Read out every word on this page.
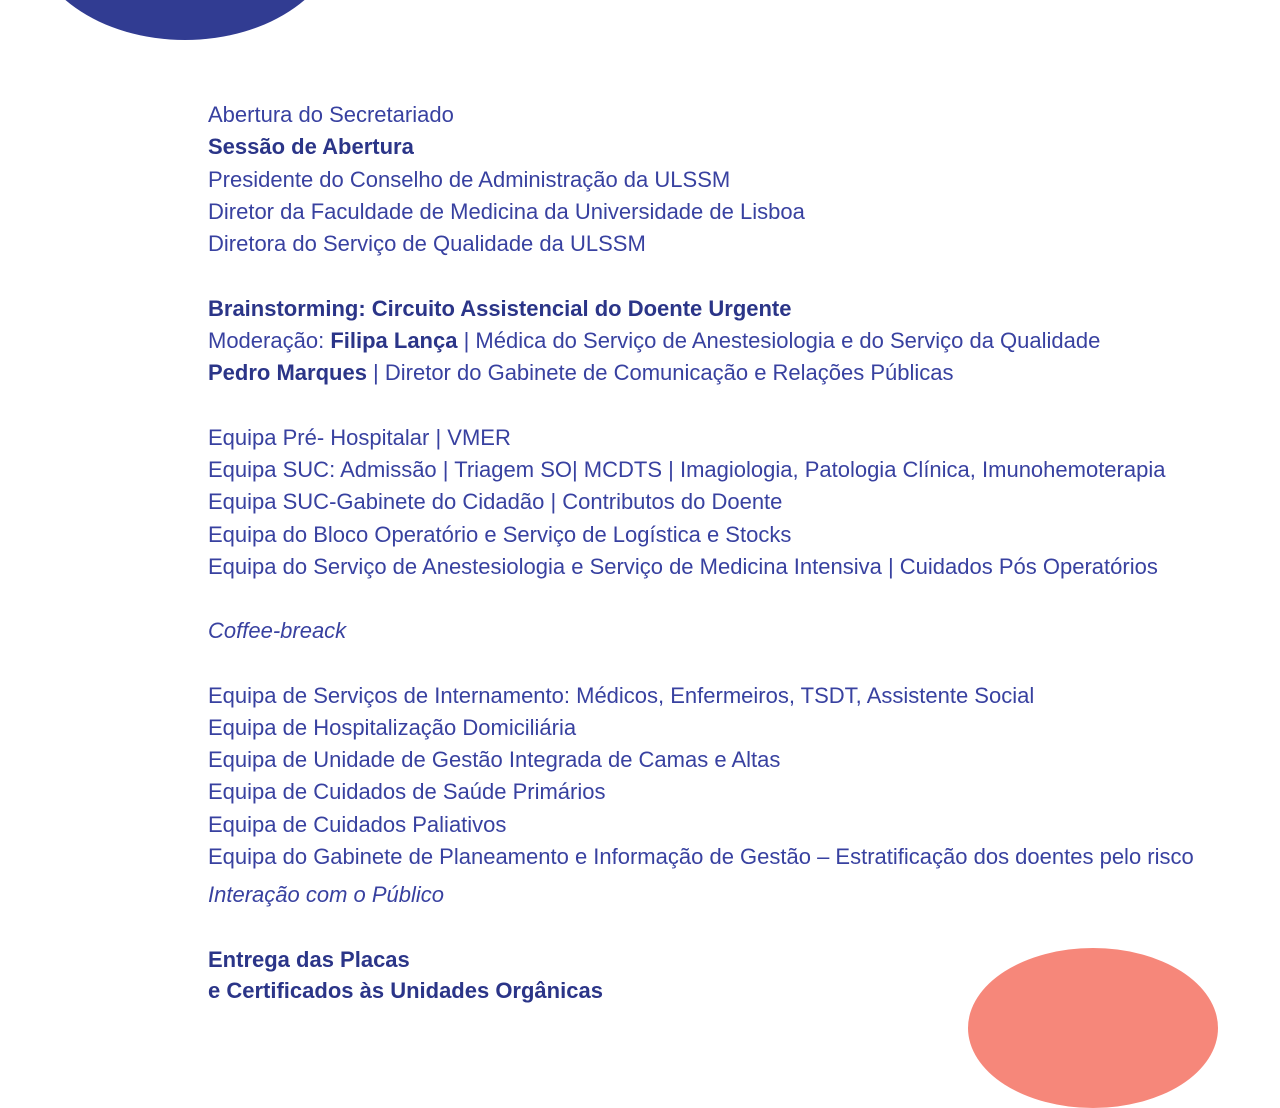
Abertura do Secretariado
Sessão de Abertura
Presidente do Conselho de Administração da ULSSM
Diretor da Faculdade de Medicina da Universidade de Lisboa
Diretora do Serviço de Qualidade da ULSSM
Brainstorming: Circuito Assistencial do Doente Urgente
Moderação: Filipa Lança | Médica do Serviço de Anestesiologia e do Serviço da Qualidade
Pedro Marques | Diretor do Gabinete de Comunicação e Relações Públicas
Equipa Pré- Hospitalar | VMER
Equipa SUC: Admissão | Triagem SO| MCDTS | Imagiologia, Patologia Clínica, Imunohemoterapia
Equipa SUC-Gabinete do Cidadão | Contributos do Doente
Equipa do Bloco Operatório e Serviço de Logística e Stocks
Equipa do Serviço de Anestesiologia e Serviço de Medicina Intensiva | Cuidados Pós Operatórios
Coffee-breack
Equipa de Serviços de Internamento: Médicos, Enfermeiros, TSDT, Assistente Social
Equipa de Hospitalização Domiciliária
Equipa de Unidade de Gestão Integrada de Camas e Altas
Equipa de Cuidados de Saúde Primários
Equipa de Cuidados Paliativos
Equipa do Gabinete de Planeamento e Informação de Gestão – Estratificação dos doentes pelo risco
Interação com o Público
Entrega das Placas
e Certificados às Unidades Orgânicas
